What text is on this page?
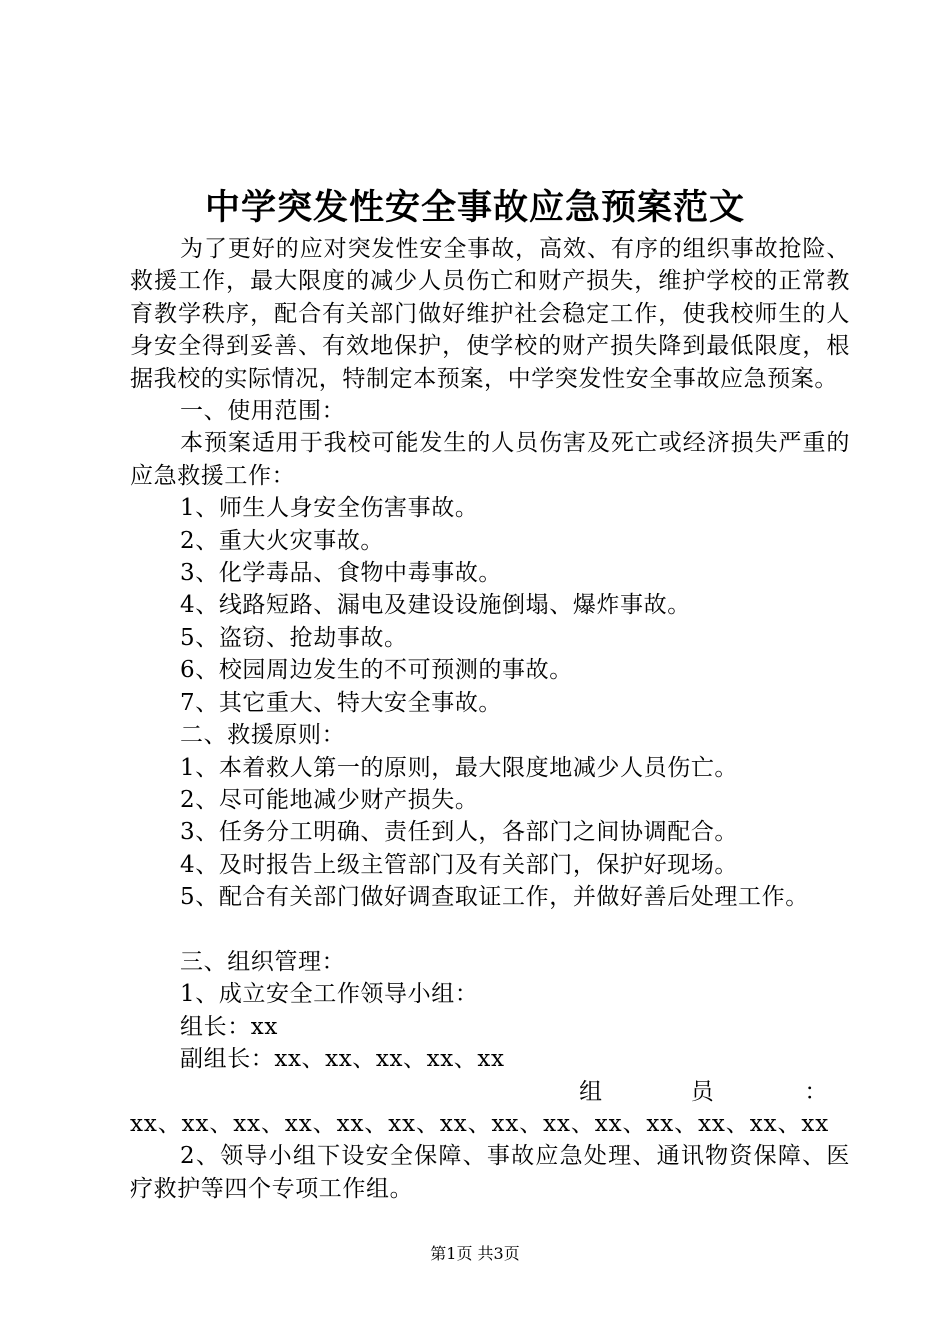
中学突发性安全事故应急预案范文

为了更好的应对突发性安全事故，高效、有序的组织事故抢险、救援工作，最大限度的减少人员伤亡和财产损失，维护学校的正常教育教学秩序，配合有关部门做好维护社会稳定工作，使我校师生的人身安全得到妥善、有效地保护，使学校的财产损失降到最低限度，根据我校的实际情况，特制定本预案，中学突发性安全事故应急预案。

一、使用范围：

本预案适用于我校可能发生的人员伤害及死亡或经济损失严重的应急救援工作：

1、师生人身安全伤害事故。

2、重大火灾事故。

3、化学毒品、食物中毒事故。

4、线路短路、漏电及建设设施倒塌、爆炸事故。

5、盗窃、抢劫事故。

6、校园周边发生的不可预测的事故。

7、其它重大、特大安全事故。

二、救援原则：

1、本着救人第一的原则，最大限度地减少人员伤亡。

2、尽可能地减少财产损失。

3、任务分工明确、责任到人，各部门之间协调配合。

4、及时报告上级主管部门及有关部门，保护好现场。

5、配合有关部门做好调查取证工作，并做好善后处理工作。

三、组织管理：

1、成立安全工作领导小组：

组长：xx

副组长：xx、xx、xx、xx、xx

组	员	：

xx、xx、xx、xx、xx、xx、xx、xx、xx、xx、xx、xx、xx、xx

2、领导小组下设安全保障、事故应急处理、通讯物资保障、医疗救护等四个专项工作组。

第1页 共3页
